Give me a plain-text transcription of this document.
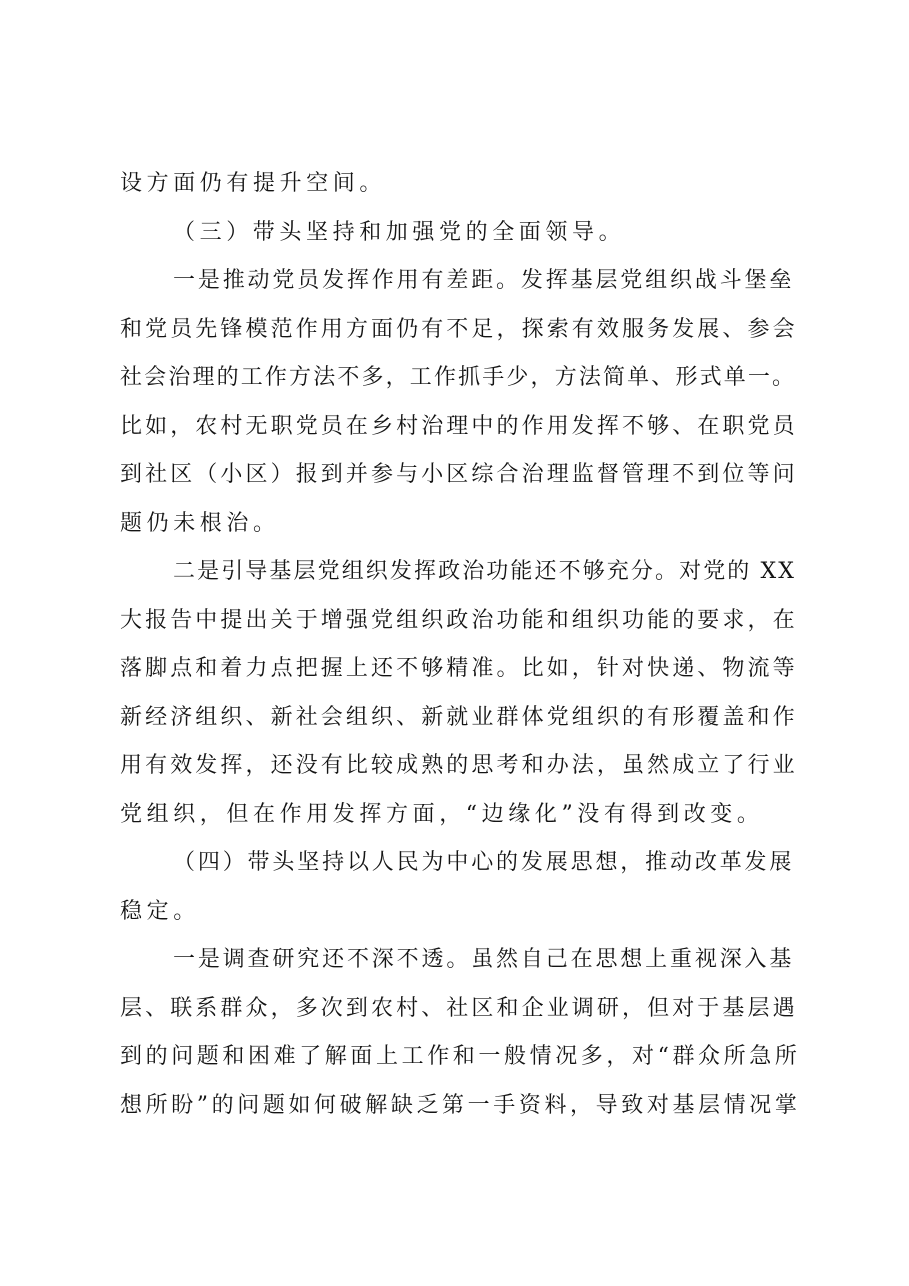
设方面仍有提升空间。
（三）带头坚持和加强党的全面领导。
一是推动党员发挥作用有差距。发挥基层党组织战斗堡垒
和党员先锋模范作用方面仍有不足，探索有效服务发展、参会
社会治理的工作方法不多，工作抓手少，方法简单、形式单一。
比如，农村无职党员在乡村治理中的作用发挥不够、在职党员
到社区（小区）报到并参与小区综合治理监督管理不到位等问
题仍未根治。
二是引导基层党组织发挥政治功能还不够充分。对党的 XX
大报告中提出关于增强党组织政治功能和组织功能的要求，在
落脚点和着力点把握上还不够精准。比如，针对快递、物流等
新经济组织、新社会组织、新就业群体党组织的有形覆盖和作
用有效发挥，还没有比较成熟的思考和办法，虽然成立了行业
党组织，但在作用发挥方面，“边缘化”没有得到改变。
（四）带头坚持以人民为中心的发展思想，推动改革发展
稳定。
一是调查研究还不深不透。虽然自己在思想上重视深入基
层、联系群众，多次到农村、社区和企业调研，但对于基层遇
到的问题和困难了解面上工作和一般情况多，对“群众所急所
想所盼”的问题如何破解缺乏第一手资料，导致对基层情况掌
